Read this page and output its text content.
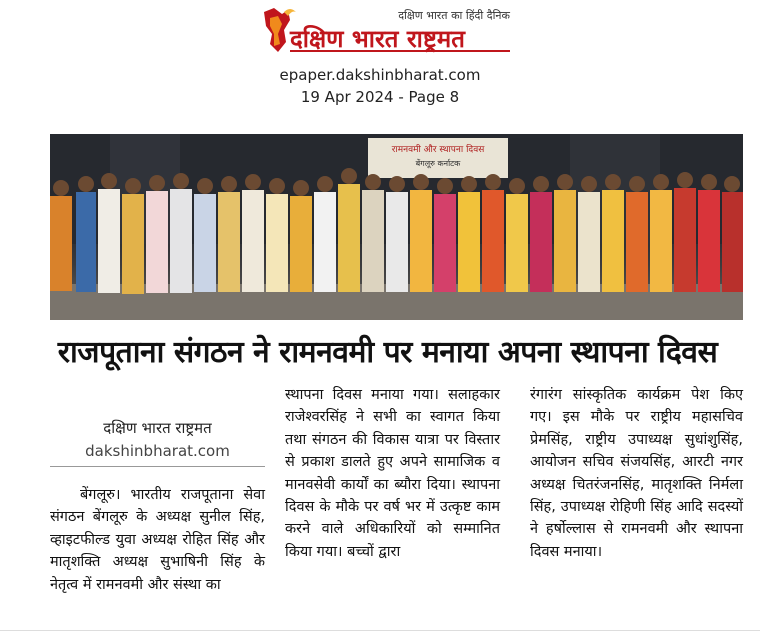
दक्षिण भारत का हिंदी दैनिक
दक्षिण भारत राष्ट्रमत
epaper.dakshinbharat.com
19 Apr 2024 - Page 8
रामनवमी और स्थापना दिवस
बेंगलूरु कर्नाटक
राजपूताना संगठन ने रामनवमी पर मनाया अपना स्थापना दिवस
दक्षिण भारत राष्ट्रमत
dakshinbharat.com
बेंगलूरु। भारतीय राजपूताना सेवा संगठन बेंगलूरु के अध्यक्ष सुनील सिंह, व्हाइटफील्ड युवा अध्यक्ष रोहित सिंह और मातृशक्ति अध्यक्ष सुभाषिनी सिंह के नेतृत्व में रामनवमी और संस्था का
स्थापना दिवस मनाया गया। सलाहकार राजेश्वरसिंह ने सभी का स्वागत किया तथा संगठन की विकास यात्रा पर विस्तार से प्रकाश डालते हुए अपने सामाजिक व मानवसेवी कार्यों का ब्यौरा दिया। स्थापना दिवस के मौके पर वर्ष भर में उत्कृष्ट काम करने वाले अधिकारियों को सम्मानित किया गया। बच्चों द्वारा
रंगारंग सांस्कृतिक कार्यक्रम पेश किए गए। इस मौके पर राष्ट्रीय महासचिव प्रेमसिंह, राष्ट्रीय उपाध्यक्ष सुधांशुसिंह, आयोजन सचिव संजयसिंह, आरटी नगर अध्यक्ष चितरंजनसिंह, मातृशक्ति निर्मला सिंह, उपाध्यक्ष रोहिणी सिंह आदि सदस्यों ने हर्षोल्लास से रामनवमी और स्थापना दिवस मनाया।
